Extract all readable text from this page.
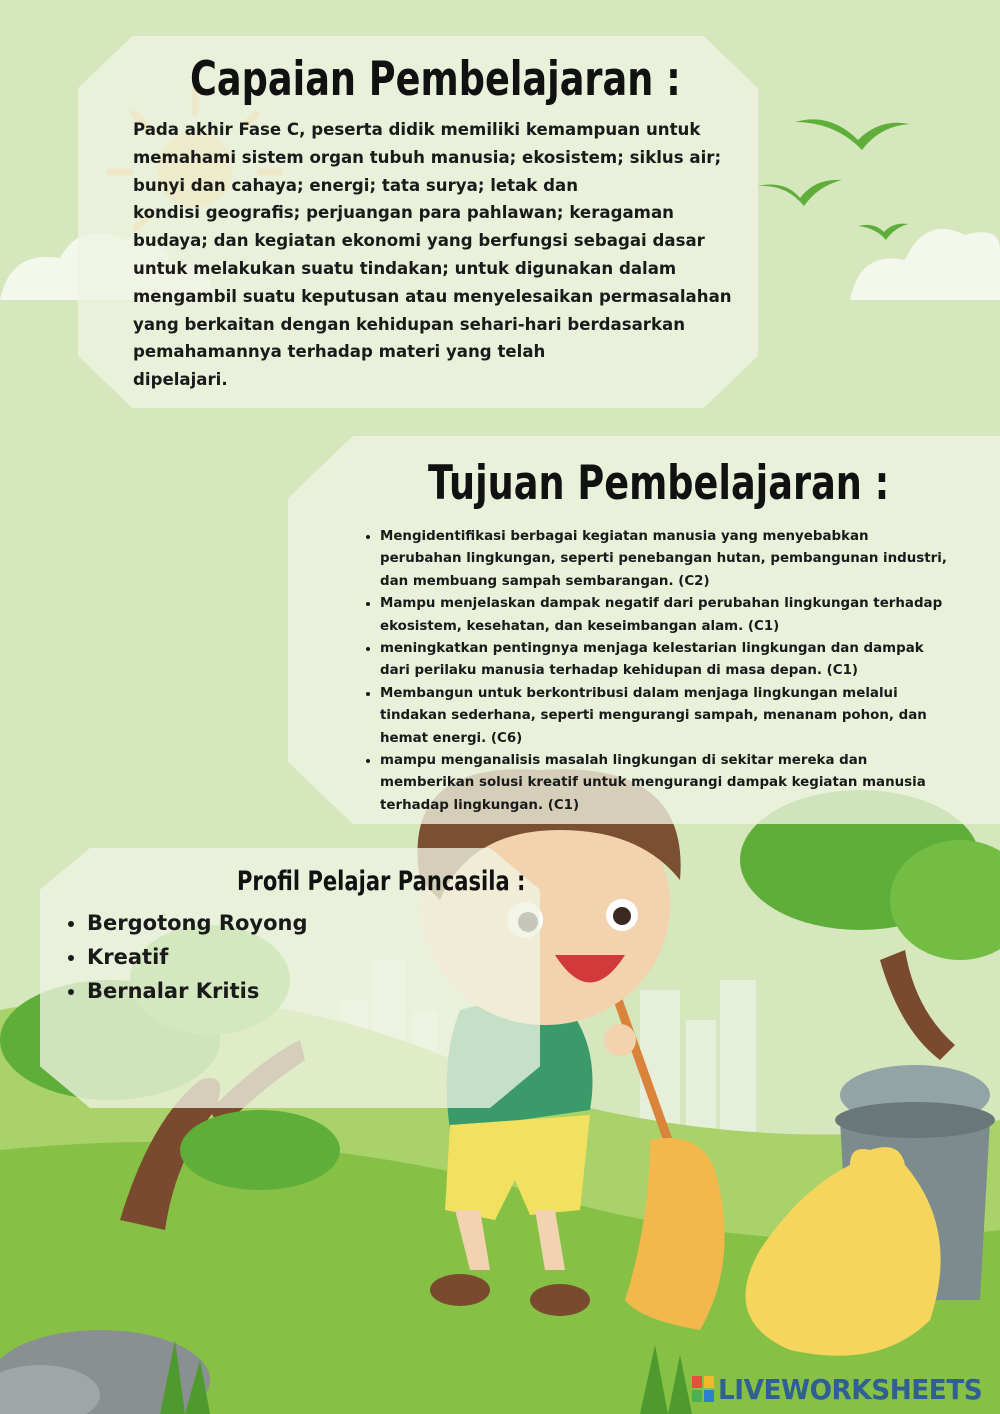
Capaian Pembelajaran :
Pada akhir Fase C, peserta didik memiliki kemampuan untuk
memahami sistem organ tubuh manusia; ekosistem; siklus air;
bunyi dan cahaya; energi; tata surya; letak dan
kondisi geografis; perjuangan para pahlawan; keragaman
budaya; dan kegiatan ekonomi yang berfungsi sebagai dasar
untuk melakukan suatu tindakan; untuk digunakan dalam
mengambil suatu keputusan atau menyelesaikan permasalahan
yang berkaitan dengan kehidupan sehari-hari berdasarkan
pemahamannya terhadap materi yang telah
dipelajari.
Tujuan Pembelajaran :
• Mengidentifikasi berbagai kegiatan manusia yang menyebabkan perubahan lingkungan, seperti penebangan hutan, pembangunan industri, dan membuang sampah sembarangan. (C2)
• Mampu menjelaskan dampak negatif dari perubahan lingkungan terhadap ekosistem, kesehatan, dan keseimbangan alam. (C1)
• meningkatkan pentingnya menjaga kelestarian lingkungan dan dampak dari perilaku manusia terhadap kehidupan di masa depan. (C1)
• Membangun untuk berkontribusi dalam menjaga lingkungan melalui tindakan sederhana, seperti mengurangi sampah, menanam pohon, dan hemat energi. (C6)
• mampu menganalisis masalah lingkungan di sekitar mereka dan memberikan solusi kreatif untuk mengurangi dampak kegiatan manusia terhadap lingkungan. (C1)
Profil Pelajar Pancasila :
• Bergotong Royong
• Kreatif
• Bernalar Kritis
LIVEWORKSHEETS
